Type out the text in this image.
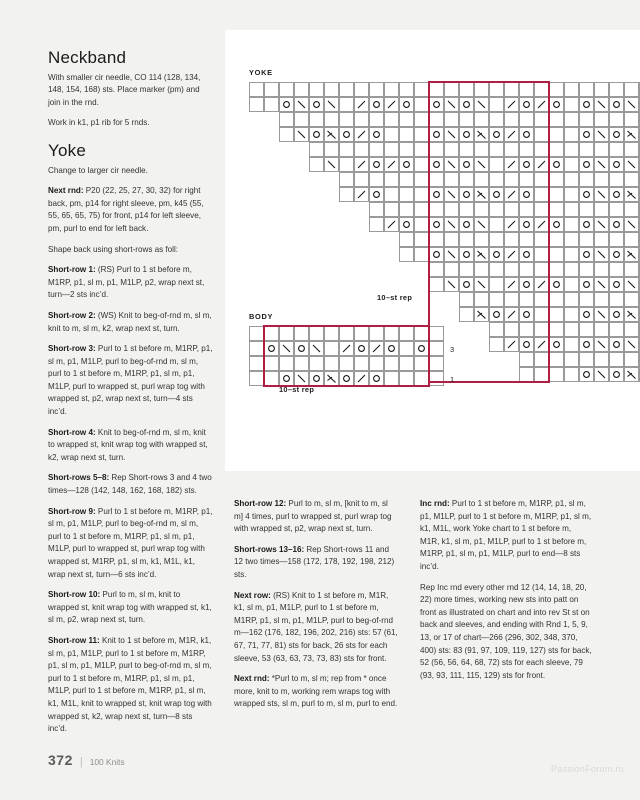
Neckband

With smaller cir needle, CO 114 (128, 134, 148, 154, 168) sts. Place marker (pm) and join in the rnd.

Work in k1, p1 rib for 5 rnds.

Yoke

Change to larger cir needle.

Next rnd: P20 (22, 25, 27, 30, 32) for right back, pm, p14 for right sleeve, pm, k45 (55, 55, 65, 65, 75) for front, p14 for left sleeve, pm, purl to end for left back.

Shape back using short-rows as foll:

Short-row 1: (RS) Purl to 1 st before m, M1RP, p1, sl m, p1, M1LP, p2, wrap next st, turn—2 sts inc’d.

Short-row 2: (WS) Knit to beg-of-rnd m, sl m, knit to m, sl m, k2, wrap next st, turn.

Short-row 3: Purl to 1 st before m, M1RP, p1, sl m, p1, M1LP, purl to beg-of-rnd m, sl m, purl to 1 st before m, M1RP, p1, sl m, p1, M1LP, purl to wrapped st, purl wrap tog with wrapped st, p2, wrap next st, turn—4 sts inc’d.

Short-row 4: Knit to beg-of-rnd m, sl m, knit to wrapped st, knit wrap tog with wrapped st, k2, wrap next st, turn.

Short-rows 5–8: Rep Short-rows 3 and 4 two times—128 (142, 148, 162, 168, 182) sts.

Short-row 9: Purl to 1 st before m, M1RP, p1, sl m, p1, M1LP, purl to beg-of-rnd m, sl m, purl to 1 st before m, M1RP, p1, sl m, p1, M1LP, purl to wrapped st, purl wrap tog with wrapped st, M1RP, p1, sl m, k1, M1L, k1, wrap next st, turn—6 sts inc’d.

Short-row 10: Purl to m, sl m, knit to wrapped st, knit wrap tog with wrapped st, k1, sl m, p2, wrap next st, turn.

Short-row 11: Knit to 1 st before m, M1R, k1, sl m, p1, M1LP, purl to 1 st before m, M1RP, p1, sl m, p1, M1LP, purl to beg-of-rnd m, sl m, purl to 1 st before m, M1RP, p1, sl m, p1, M1LP, purl to 1 st before m, M1RP, p1, sl m, k1, M1L, knit to wrapped st, knit wrap tog with wrapped st, k2, wrap next st, turn—8 sts inc’d.

Short-row 12: Purl to m, sl m, [knit to m, sl m] 4 times, purl to wrapped st, purl wrap tog with wrapped st, p2, wrap next st, turn.

Short-rows 13–16: Rep Short-rows 11 and 12 two times—158 (172, 178, 192, 198, 212) sts.

Next row: (RS) Knit to 1 st before m, M1R, k1, sl m, p1, M1LP, purl to 1 st before m, M1RP, p1, sl m, p1, M1LP, purl to beg-of-rnd m—162 (176, 182, 196, 202, 216) sts: 57 (61, 67, 71, 77, 81) sts for back, 26 sts for each sleeve, 53 (63, 63, 73, 73, 83) sts for front.

Next rnd: *Purl to m, sl m; rep from * once more, knit to m, working rem wraps tog with wrapped sts, sl m, purl to m, sl m, purl to end.

Inc rnd: Purl to 1 st before m, M1RP, p1, sl m, p1, M1LP, purl to 1 st before m, M1RP, p1, sl m, k1, M1L, work Yoke chart to 1 st before m, M1R, k1, sl m, p1, M1LP, purl to 1 st before m, M1RP, p1, sl m, p1, M1LP, purl to end—8 sts inc’d.

Rep Inc rnd every other rnd 12 (14, 14, 18, 20, 22) more times, working new sts into patt on front as illustrated on chart and into rev St st on back and sleeves, and ending with Rnd 1, 5, 9, 13, or 17 of chart—266 (296, 302, 348, 370, 400) sts: 83 (91, 97, 109, 119, 127) sts for back, 52 (56, 56, 64, 68, 72) sts for each sleeve, 79 (93, 93, 111, 115, 129) sts for front.

YOKE
10–st rep
BODY
10–st rep
1
3
372 | 100 Knits
PassionForum.ru
